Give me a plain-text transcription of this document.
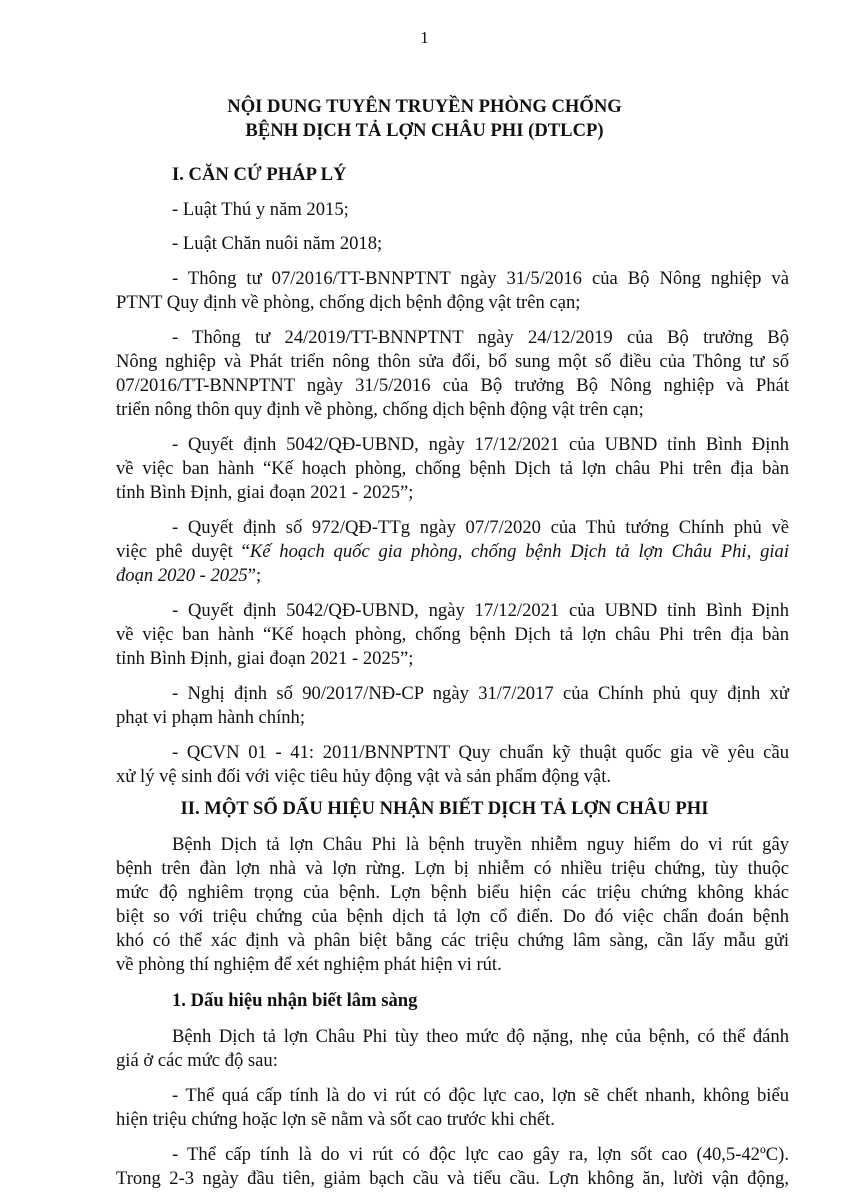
1
NỘI DUNG TUYÊN TRUYỀN PHÒNG CHỐNG
BỆNH DỊCH TẢ LỢN CHÂU PHI (DTLCP)
I. CĂN CỨ PHÁP LÝ
- Luật Thú y năm 2015;
- Luật Chăn nuôi năm 2018;
- Thông tư 07/2016/TT-BNNPTNT ngày 31/5/2016 của Bộ Nông nghiệp và
PTNT Quy định về phòng, chống dịch bệnh động vật trên cạn;
- Thông tư 24/2019/TT-BNNPTNT ngày 24/12/2019 của Bộ trưởng Bộ
Nông nghiệp và Phát triển nông thôn sửa đổi, bổ sung một số điều của Thông tư số
07/2016/TT-BNNPTNT ngày 31/5/2016 của Bộ trưởng Bộ Nông nghiệp và Phát
triển nông thôn quy định về phòng, chống dịch bệnh động vật trên cạn;
- Quyết định 5042/QĐ-UBND, ngày 17/12/2021 của UBND tỉnh Bình Định
về việc ban hành “Kế hoạch phòng, chống bệnh Dịch tả lợn châu Phi trên địa bàn
tỉnh Bình Định, giai đoạn 2021 - 2025”;
- Quyết định số 972/QĐ-TTg ngày 07/7/2020 của Thủ tướng Chính phủ về
việc phê duyệt “Kế hoạch quốc gia phòng, chống bệnh Dịch tả lợn Châu Phi, giai
đoạn 2020 - 2025”;
- Quyết định 5042/QĐ-UBND, ngày 17/12/2021 của UBND tỉnh Bình Định
về việc ban hành “Kế hoạch phòng, chống bệnh Dịch tả lợn châu Phi trên địa bàn
tỉnh Bình Định, giai đoạn 2021 - 2025”;
- Nghị định số 90/2017/NĐ-CP ngày 31/7/2017 của Chính phủ quy định xử
phạt vi phạm hành chính;
- QCVN 01 - 41: 2011/BNNPTNT Quy chuẩn kỹ thuật quốc gia về yêu cầu
xử lý vệ sinh đối với việc tiêu hủy động vật và sản phẩm động vật.
II. MỘT SỐ DẤU HIỆU NHẬN BIẾT DỊCH TẢ LỢN CHÂU PHI
Bệnh Dịch tả lợn Châu Phi là bệnh truyền nhiễm nguy hiểm do vi rút gây
bệnh trên đàn lợn nhà và lợn rừng. Lợn bị nhiễm có nhiều triệu chứng, tùy thuộc
mức độ nghiêm trọng của bệnh. Lợn bệnh biểu hiện các triệu chứng không khác
biệt so với triệu chứng của bệnh dịch tả lợn cổ điển. Do đó việc chẩn đoán bệnh
khó có thể xác định và phân biệt bằng các triệu chứng lâm sàng, cần lấy mẫu gửi
về phòng thí nghiệm để xét nghiệm phát hiện vi rút.
1. Dấu hiệu nhận biết lâm sàng
Bệnh Dịch tả lợn Châu Phi tùy theo mức độ nặng, nhẹ của bệnh, có thể đánh
giá ở các mức độ sau:
- Thể quá cấp tính là do vi rút có độc lực cao, lợn sẽ chết nhanh, không biểu
hiện triệu chứng hoặc lợn sẽ nằm và sốt cao trước khi chết.
- Thể cấp tính là do vi rút có độc lực cao gây ra, lợn sốt cao (40,5-42ºC).
Trong 2-3 ngày đầu tiên, giảm bạch cầu và tiểu cầu. Lợn không ăn, lười vận động,
